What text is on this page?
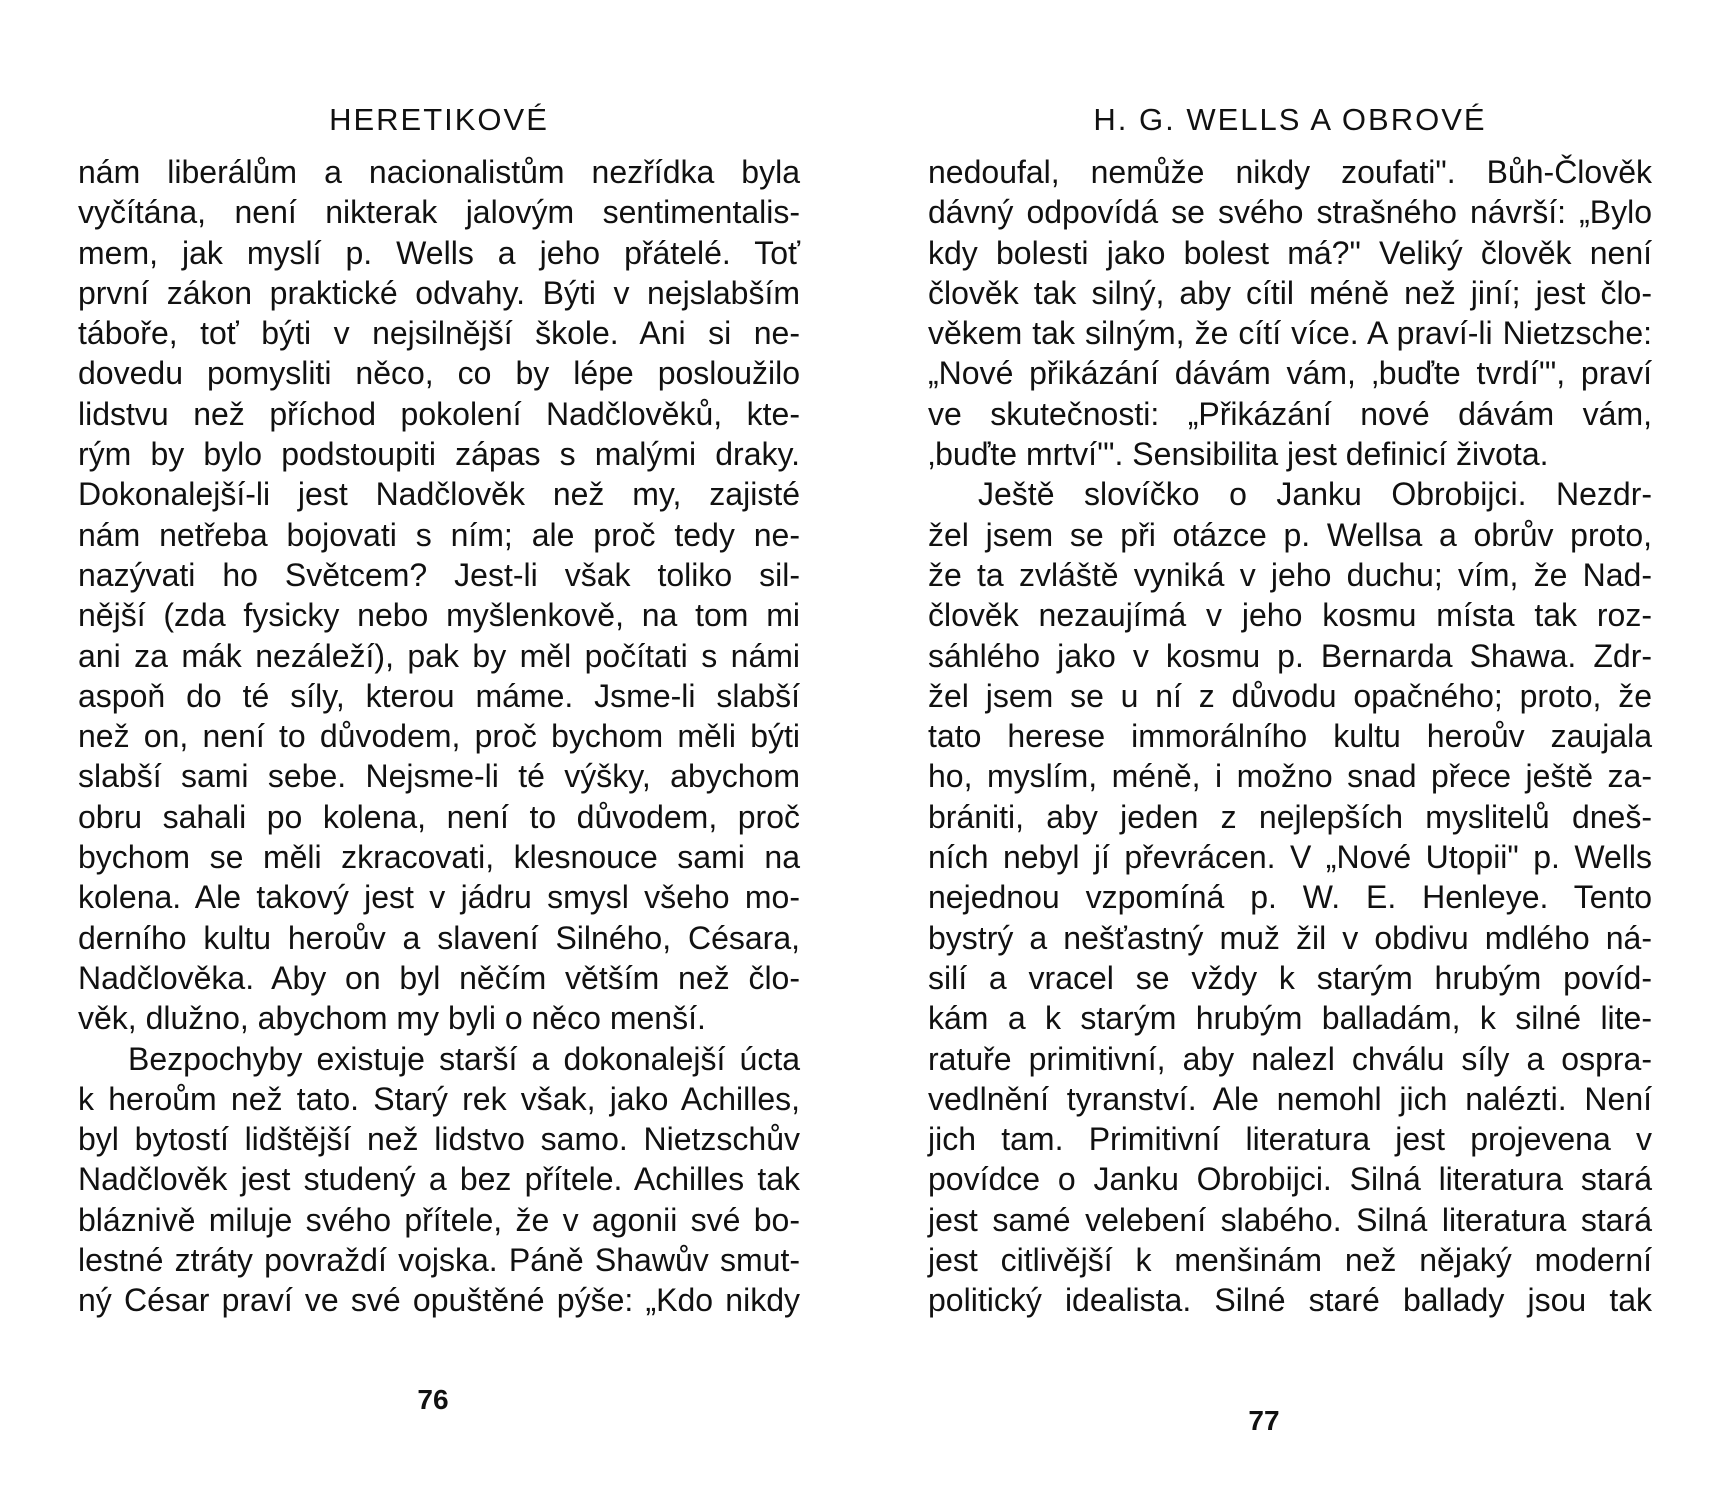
HERETIKOVÉ
nám liberálům a nacionalistům nezřídka byla
vyčítána, není nikterak jalovým sentimentalis-
mem, jak myslí p. Wells a jeho přátelé. Toť
první zákon praktické odvahy. Býti v nejslabším
táboře, toť býti v nejsilnější škole. Ani si ne-
dovedu pomysliti něco, co by lépe posloužilo
lidstvu než příchod pokolení Nadčlověků, kte-
rým by bylo podstoupiti zápas s malými draky.
Dokonalejší-li jest Nadčlověk než my, zajisté
nám netřeba bojovati s ním; ale proč tedy ne-
nazývati ho Světcem? Jest-li však toliko sil-
nější (zda fysicky nebo myšlenkově, na tom mi
ani za mák nezáleží), pak by měl počítati s námi
aspoň do té síly, kterou máme. Jsme-li slabší
než on, není to důvodem, proč bychom měli býti
slabší sami sebe. Nejsme-li té výšky, abychom
obru sahali po kolena, není to důvodem, proč
bychom se měli zkracovati, klesnouce sami na
kolena. Ale takový jest v jádru smysl všeho mo-
derního kultu heroův a slavení Silného, Césara,
Nadčlověka. Aby on byl něčím větším než člo-
věk, dlužno, abychom my byli o něco menší.
Bezpochyby existuje starší a dokonalejší úcta
k heroům než tato. Starý rek však, jako Achilles,
byl bytostí lidštější než lidstvo samo. Nietzschův
Nadčlověk jest studený a bez přítele. Achilles tak
bláznivě miluje svého přítele, že v agonii své bo-
lestné ztráty povraždí vojska. Páně Shawův smut-
ný César praví ve své opuštěné pýše: „Kdo nikdy
76
H. G. WELLS A OBROVÉ
nedoufal, nemůže nikdy zoufati". Bůh-Člověk
dávný odpovídá se svého strašného návrší: „Bylo
kdy bolesti jako bolest má?" Veliký člověk není
člověk tak silný, aby cítil méně než jiní; jest člo-
věkem tak silným, že cítí více. A praví-li Nietzsche:
„Nové přikázání dávám vám, ‚buďte tvrdí'", praví
ve skutečnosti: „Přikázání nové dávám vám,
‚buďte mrtví'". Sensibilita jest definicí života.
Ještě slovíčko o Janku Obrobijci. Nezdr-
žel jsem se při otázce p. Wellsa a obrův proto,
že ta zvláště vyniká v jeho duchu; vím, že Nad-
člověk nezaujímá v jeho kosmu místa tak roz-
sáhlého jako v kosmu p. Bernarda Shawa. Zdr-
žel jsem se u ní z důvodu opačného; proto, že
tato herese immorálního kultu heroův zaujala
ho, myslím, méně, i možno snad přece ještě za-
brániti, aby jeden z nejlepších myslitelů dneš-
ních nebyl jí převrácen. V „Nové Utopii" p. Wells
nejednou vzpomíná p. W. E. Henleye. Tento
bystrý a nešťastný muž žil v obdivu mdlého ná-
silí a vracel se vždy k starým hrubým povíd-
kám a k starým hrubým balladám, k silné lite-
ratuře primitivní, aby nalezl chválu síly a ospra-
vedlnění tyranství. Ale nemohl jich nalézti. Není
jich tam. Primitivní literatura jest projevena v
povídce o Janku Obrobijci. Silná literatura stará
jest samé velebení slabého. Silná literatura stará
jest citlivější k menšinám než nějaký moderní
politický idealista. Silné staré ballady jsou tak
77
